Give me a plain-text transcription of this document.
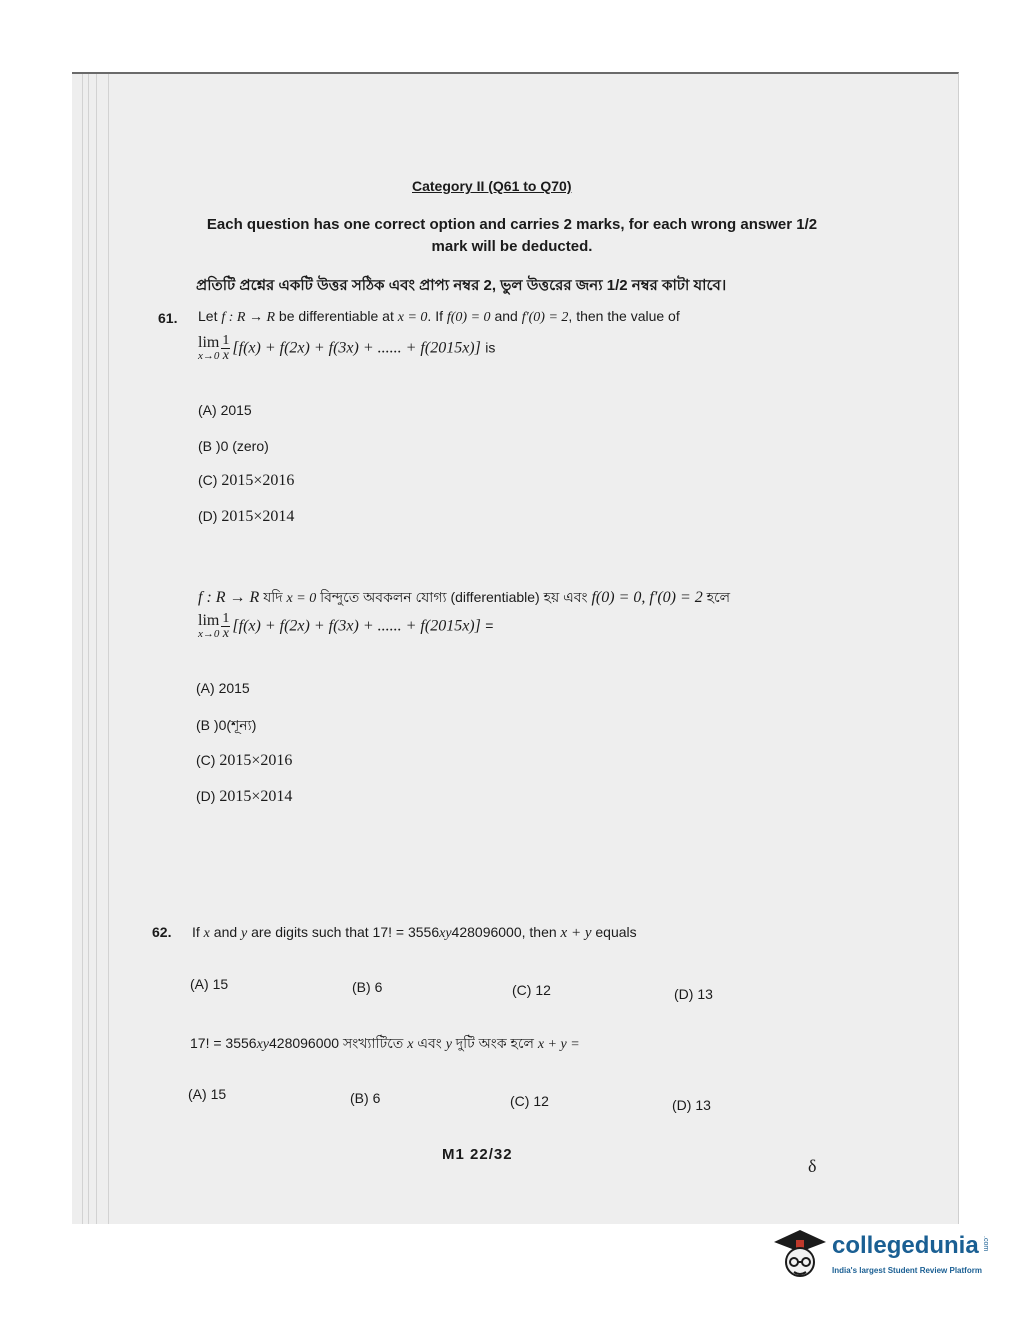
Category II (Q61 to Q70)
Each question has one correct option and carries 2 marks, for each wrong answer 1/2 mark will be deducted.
প্রতিটি প্রশ্নের একটি উত্তর সঠিক এবং প্রাপ্য নম্বর 2, ভুল উত্তরের জন্য 1/2 নম্বর কাটা যাবে।
61. Let f : R → R be differentiable at x = 0. If f(0) = 0 and f′(0) = 2, then the value of
lim
$x\to 0 \frac{1}{x} [f(x) + f(2x) + f(3x)$ + ...... + f(2015x)] is
(A) 2015
(B )0 (zero)
(C) 2015×2016
(D) 2015×2014
f : R → R যদি x = 0 বিন্দুতে অবকলন যোগ্য (differentiable) হয় এবং f(0) = 0, f′(0) = 2 হলে
lim
$x\to 0 \frac{1}{x} [f(x) + f(2x) + f(3x)$ + ...... + f(2015x)] =
(A) 2015
(B )0(শূন্য)
(C) 2015×2016
(D) 2015×2014
62. If x and y are digits such that 17! = 3556xy428096000, then x + y equals
(A) 15	(B) 6	(C) 12	(D) 13
17! = 3556xy428096000 সংখ্যাটিতে x এবং y দুটি অংক হলে x + y =
(A) 15	(B) 6	(C) 12	(D) 13
M1 22/32
δ
collegedunia .com
India's largest Student Review Platform
